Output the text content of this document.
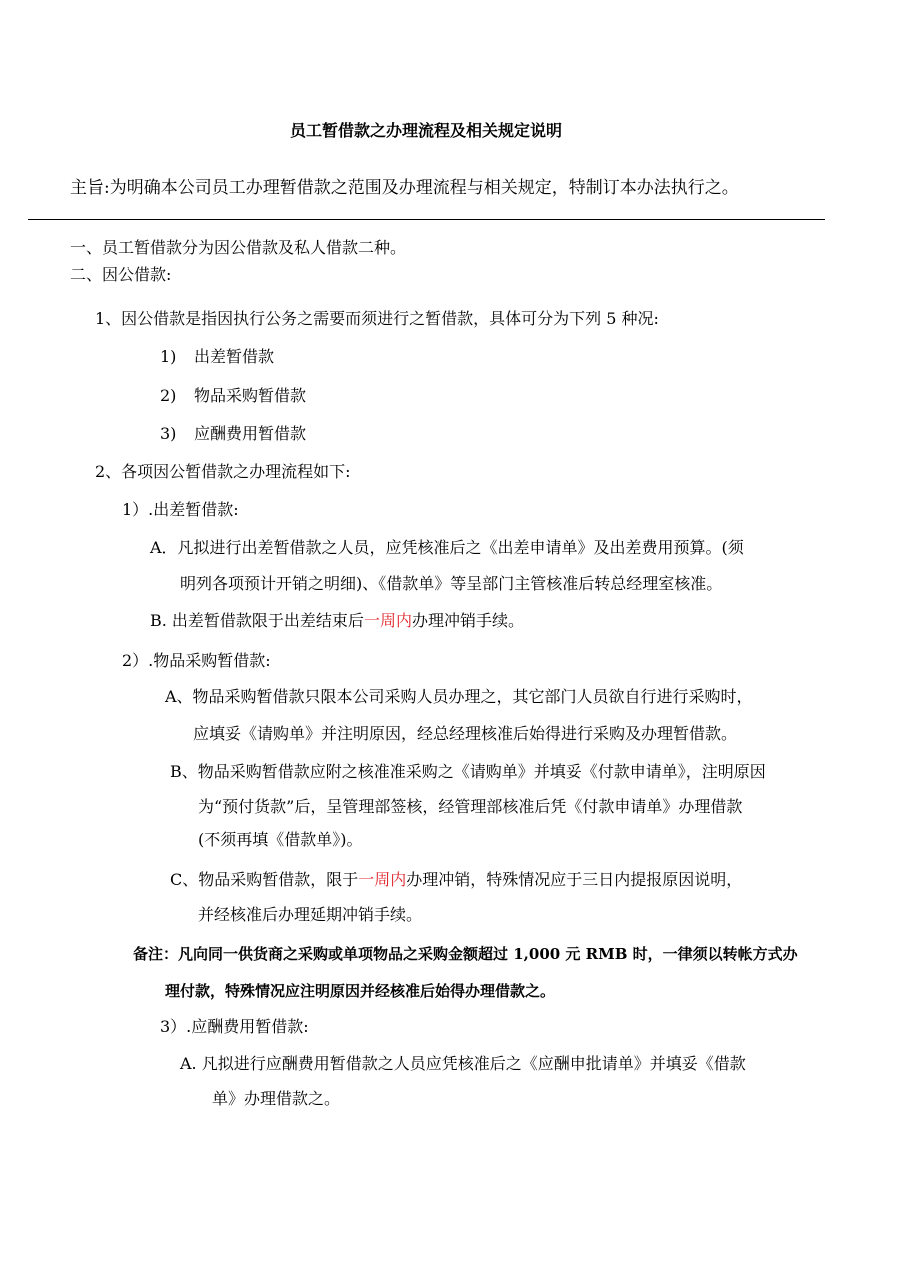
员工暂借款之办理流程及相关规定说明
主旨:为明确本公司员工办理暂借款之范围及办理流程与相关规定，特制订本办法执行之。
一、员工暂借款分为因公借款及私人借款二种。
二、因公借款:
1、因公借款是指因执行公务之需要而须进行之暂借款，具体可分为下列 5 种况:
1) 出差暂借款
2) 物品采购暂借款
3) 应酬费用暂借款
2、各项因公暂借款之办理流程如下:
1）.出差暂借款:
A．凡拟进行出差暂借款之人员，应凭核准后之《出差申请单》及出差费用预算。(须
明列各项预计开销之明细)、《借款单》等呈部门主管核准后转总经理室核准。
B. 出差暂借款限于出差结束后一周内办理冲销手续。
2）.物品采购暂借款:
A、物品采购暂借款只限本公司采购人员办理之，其它部门人员欲自行进行采购时，
应填妥《请购单》并注明原因，经总经理核准后始得进行采购及办理暂借款。
B、物品采购暂借款应附之核准准采购之《请购单》并填妥《付款申请单》，注明原因
为“预付货款”后，呈管理部签核，经管理部核准后凭《付款申请单》办理借款
(不须再填《借款单》)。
C、物品采购暂借款，限于一周内办理冲销，特殊情况应于三日内提报原因说明，
并经核准后办理延期冲销手续。
备注：凡向同一供货商之采购或单项物品之采购金额超过 1,000 元 RMB 时，一律须以转帐方式办
理付款，特殊情况应注明原因并经核准后始得办理借款之。
3）.应酬费用暂借款:
A. 凡拟进行应酬费用暂借款之人员应凭核准后之《应酬申批请单》并填妥《借款
单》办理借款之。
